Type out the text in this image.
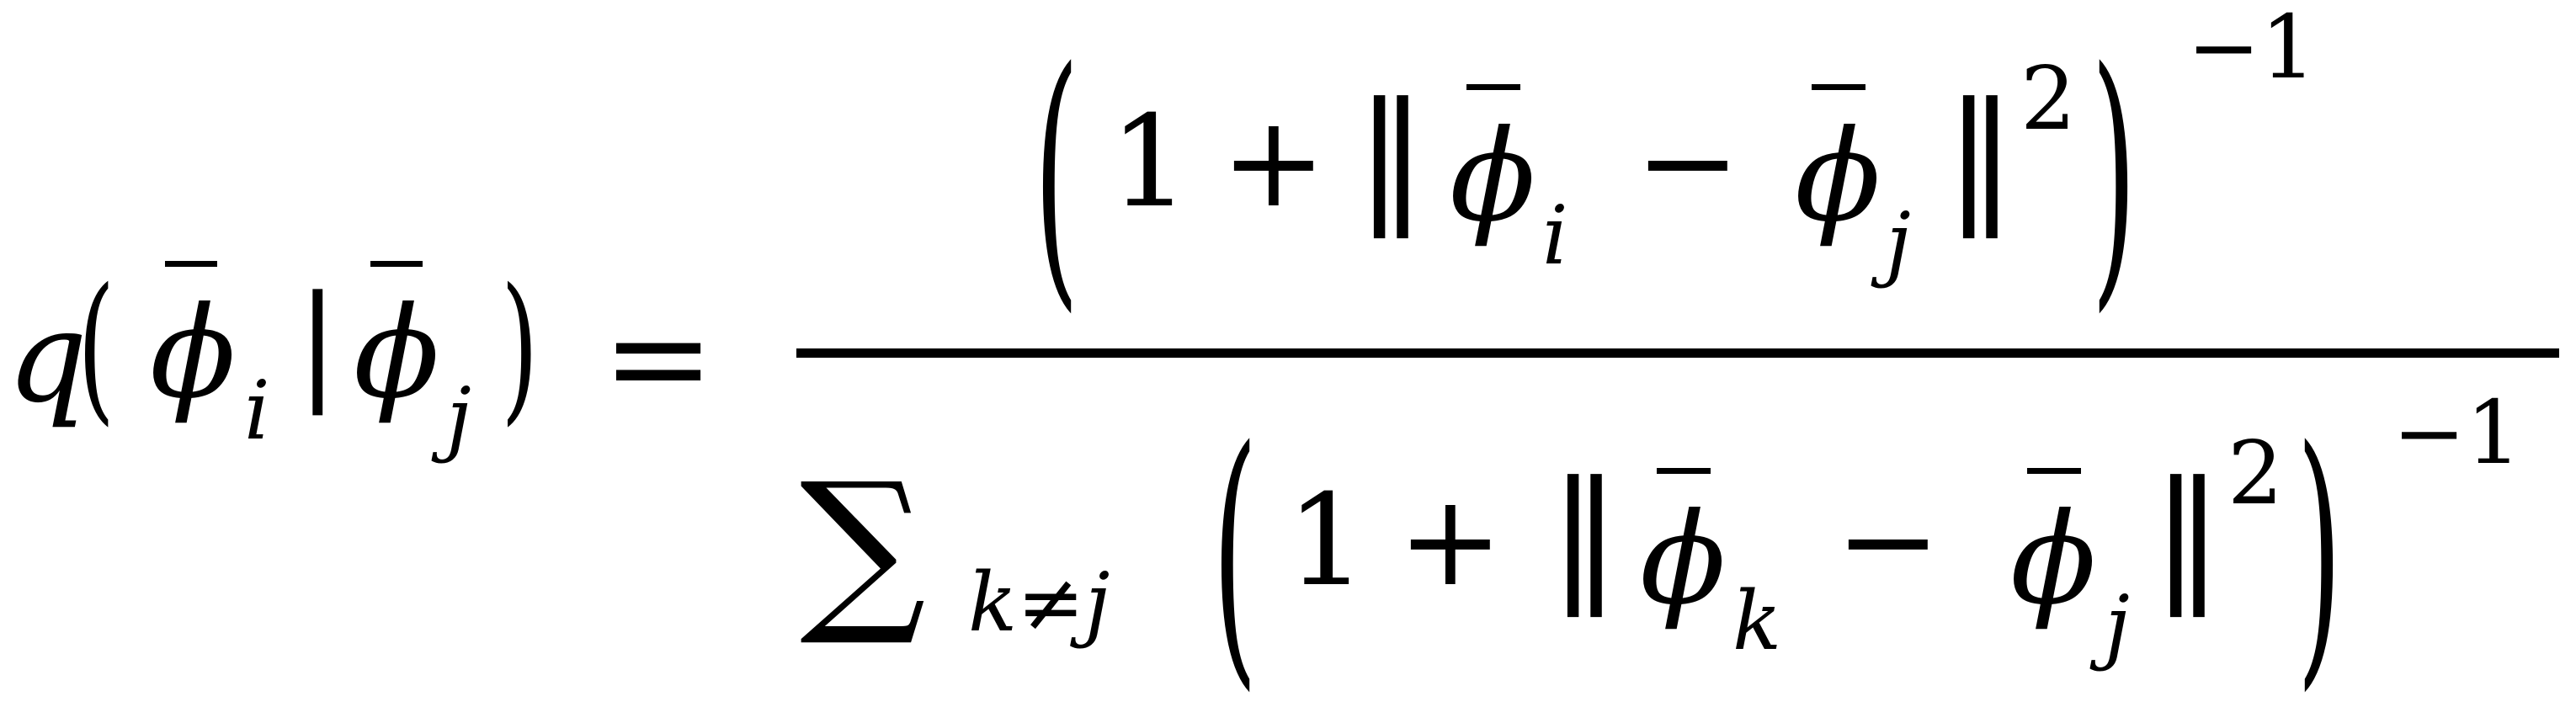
q
( ϕ i | ϕ j ) =
( 1 + ‖ ϕ i − ϕ j
‖ 2 ) −1
∑ k≠j ( 1 + ‖ ϕ k
− ϕ j
‖ 2 ) −1
